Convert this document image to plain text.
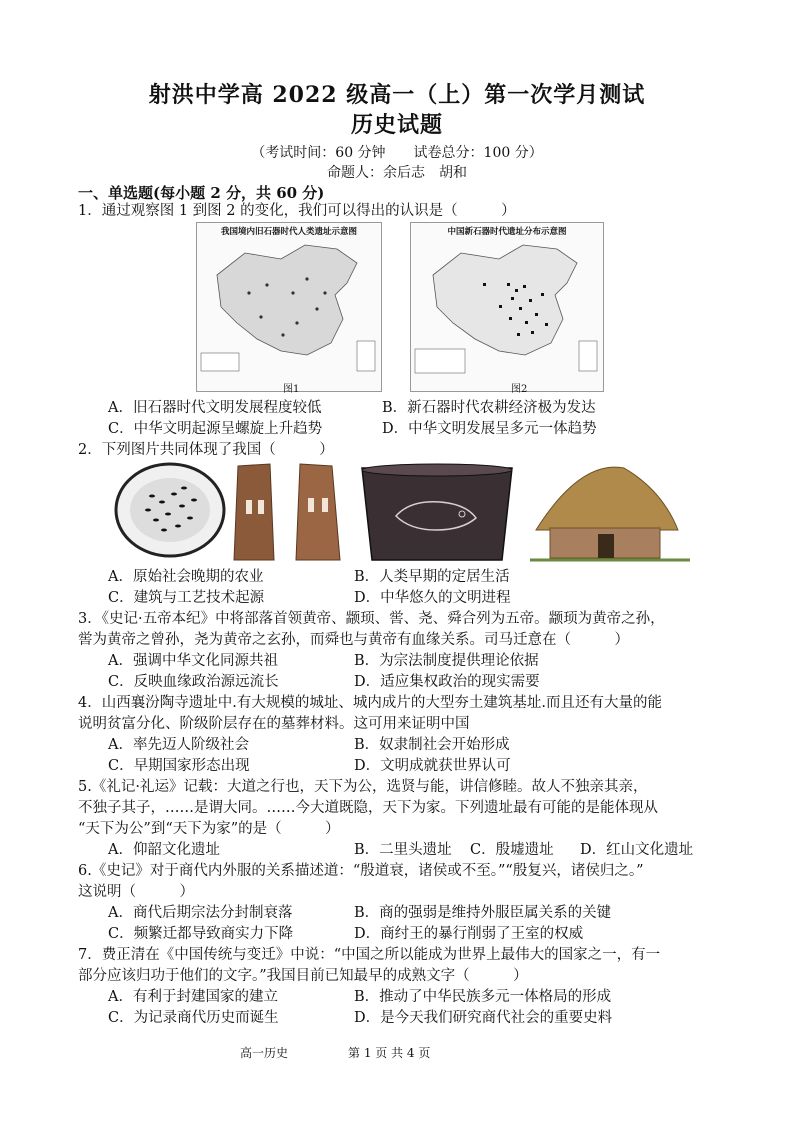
射洪中学高 2022 级高一（上）第一次学月测试
历史试题
（考试时间：60 分钟　　试卷总分：100 分）
命题人：余后志　胡和
一、单选题(每小题 2 分，共 60 分)
1．通过观察图 1 到图 2 的变化，我们可以得出的认识是（　　　）
我国境内旧石器时代人类遗址示意图
图1
中国新石器时代遗址分布示意图
图2
A．旧石器时代文明发展程度较低	B．新石器时代农耕经济极为发达
C．中华文明起源呈螺旋上升趋势	D．中华文明发展呈多元一体趋势
2．下列图片共同体现了我国（　　　）
A．原始社会晚期的农业	B．人类早期的定居生活
C．建筑与工艺技术起源	D．中华悠久的文明进程
3．《史记·五帝本纪》中将部落首领黄帝、颛顼、喾、尧、舜合列为五帝。颛顼为黄帝之孙，
喾为黄帝之曾孙，尧为黄帝之玄孙，而舜也与黄帝有血缘关系。司马迁意在（　　　）
A．强调中华文化同源共祖	B．为宗法制度提供理论依据
C．反映血缘政治源远流长	D．适应集权政治的现实需要
4．山西襄汾陶寺遗址中.有大规模的城址、城内成片的大型夯土建筑基址.而且还有大量的能
说明贫富分化、阶级阶层存在的墓葬材料。这可用来证明中国
A．率先迈人阶级社会	B．奴隶制社会开始形成
C．早期国家形态出现	D．文明成就获世界认可
5.《礼记·礼运》记载：大道之行也，天下为公，选贤与能，讲信修睦。故人不独亲其亲，
不独子其子，……是谓大同。……今大道既隐，天下为家。下列遗址最有可能的是能体现从
“天下为公”到“天下为家”的是（　　　）
A．仰韶文化遗址	B．二里头遗址 C．殷墟遗址 D．红山文化遗址
6.《史记》对于商代内外服的关系描述道：“殷道衰，诸侯或不至。”“殷复兴，诸侯归之。”
这说明（　　　）
A．商代后期宗法分封制衰落	B．商的强弱是维持外服臣属关系的关键
C．频繁迁都导致商实力下降	D．商纣王的暴行削弱了王室的权威
7．费正清在《中国传统与变迁》中说：“中国之所以能成为世界上最伟大的国家之一，有一
部分应该归功于他们的文字。”我国目前已知最早的成熟文字（　　　）
A．有利于封建国家的建立	B．推动了中华民族多元一体格局的形成
C．为记录商代历史而诞生	D．是今天我们研究商代社会的重要史料
高一历史	第 1 页 共 4 页
